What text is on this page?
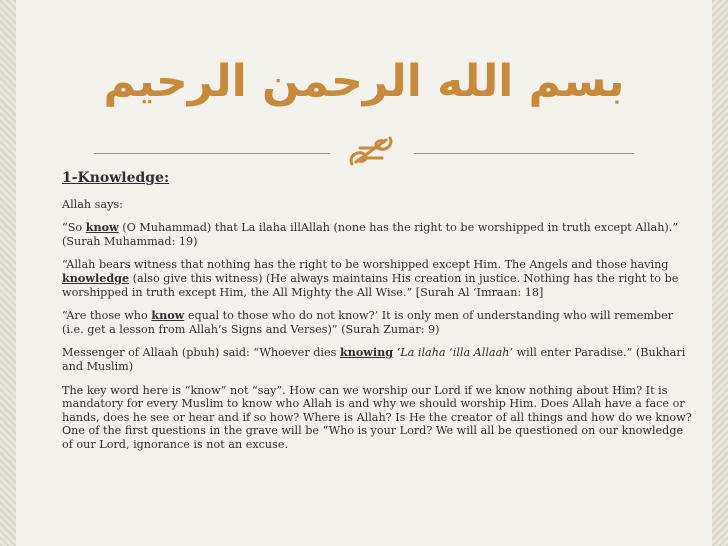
بسم الله الرحمن الرحيم

1-Knowledge:

Allah says:

“So know (O Muhammad) that La ilaha illAllah (none has the right to be worshipped in truth except Allah).” (Surah Muhammad: 19)

“Allah bears witness that nothing has the right to be worshipped except Him. The Angels and those having knowledge (also give this witness) (He always maintains His creation in justice. Nothing has the right to be worshipped in truth except Him, the All Mighty the All Wise.” [Surah Al ‘Imraan: 18]

“Are those who know equal to those who do not know?’ It is only men of understanding who will remember (i.e. get a lesson from Allah’s Signs and Verses)” (Surah Zumar: 9)

Messenger of Allaah (pbuh) said: “Whoever dies knowing ‘La ilaha ‘illa Allaah’ will enter Paradise.” (Bukhari and Muslim)

The key word here is “know” not “say”. How can we worship our Lord if we know nothing about Him? It is mandatory for every Muslim to know who Allah is and why we should worship Him. Does Allah have a face or hands, does he see or hear and if so how? Where is Allah? Is He the creator of all things and how do we know? One of the first questions in the grave will be “Who is your Lord? We will all be questioned on our knowledge of our Lord, ignorance is not an excuse.
